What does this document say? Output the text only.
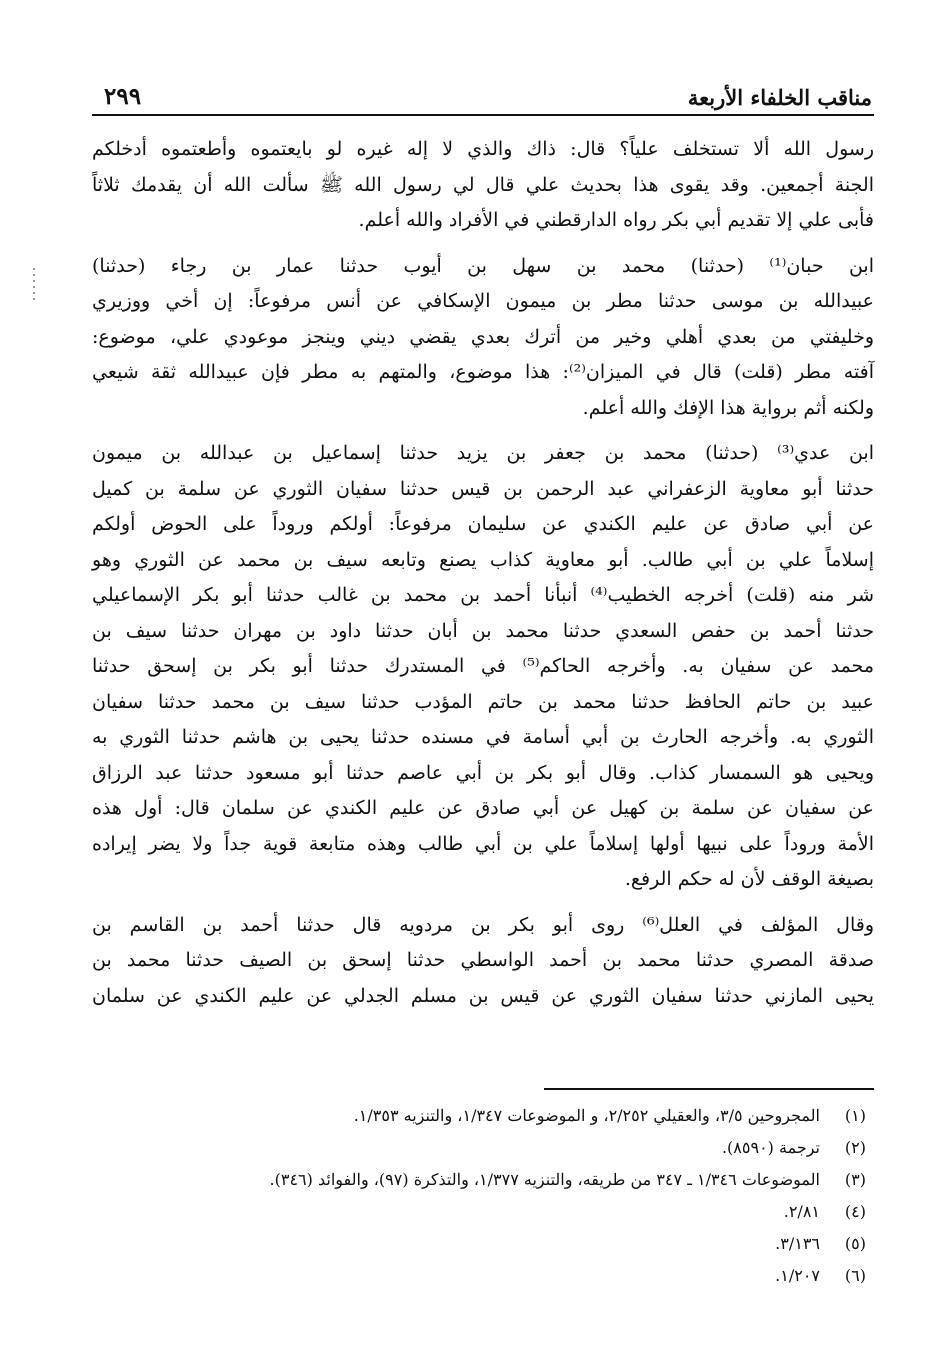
مناقب الخلفاء الأربعة
٢٩٩
رسول الله ألا تستخلف علياً؟ قال: ذاك والذي لا إله غيره لو بايعتموه وأطعتموه أدخلكم
الجنة أجمعين. وقد يقوى هذا بحديث علي قال لي رسول الله ﷺ سألت الله أن يقدمك ثلاثاً
فأبى علي إلا تقديم أبي بكر رواه الدارقطني في الأفراد والله أعلم.
ابن حبان⁽¹⁾ (حدثنا) محمد بن سهل بن أيوب حدثنا عمار بن رجاء (حدثنا)
عبيدالله بن موسى حدثنا مطر بن ميمون الإسكافي عن أنس مرفوعاً: إن أخي ووزيري
وخليفتي من بعدي أهلي وخير من أترك بعدي يقضي ديني وينجز موعودي علي، موضوع:
آفته مطر (قلت) قال في الميزان⁽²⁾: هذا موضوع، والمتهم به مطر فإن عبيدالله ثقة شيعي
ولكنه أثم برواية هذا الإفك والله أعلم.
ابن عدي⁽³⁾ (حدثنا) محمد بن جعفر بن يزيد حدثنا إسماعيل بن عبدالله بن ميمون
حدثنا أبو معاوية الزعفراني عبد الرحمن بن قيس حدثنا سفيان الثوري عن سلمة بن كميل
عن أبي صادق عن عليم الكندي عن سليمان مرفوعاً: أولكم وروداً على الحوض أولكم
إسلاماً علي بن أبي طالب. أبو معاوية كذاب يصنع وتابعه سيف بن محمد عن الثوري وهو
شر منه (قلت) أخرجه الخطيب⁽⁴⁾ أنبأنا أحمد بن محمد بن غالب حدثنا أبو بكر الإسماعيلي
حدثنا أحمد بن حفص السعدي حدثنا محمد بن أبان حدثنا داود بن مهران حدثنا سيف بن
محمد عن سفيان به. وأخرجه الحاكم⁽⁵⁾ في المستدرك حدثنا أبو بكر بن إسحق حدثنا
عبيد بن حاتم الحافظ حدثنا محمد بن حاتم المؤدب حدثنا سيف بن محمد حدثنا سفيان
الثوري به. وأخرجه الحارث بن أبي أسامة في مسنده حدثنا يحيى بن هاشم حدثنا الثوري به
ويحيى هو السمسار كذاب. وقال أبو بكر بن أبي عاصم حدثنا أبو مسعود حدثنا عبد الرزاق
عن سفيان عن سلمة بن كهيل عن أبي صادق عن عليم الكندي عن سلمان قال: أول هذه
الأمة وروداً على نبيها أولها إسلاماً علي بن أبي طالب وهذه متابعة قوية جداً ولا يضر إيراده
بصيغة الوقف لأن له حكم الرفع.
وقال المؤلف في العلل⁽⁶⁾ روى أبو بكر بن مردويه قال حدثنا أحمد بن القاسم بن
صدقة المصري حدثنا محمد بن أحمد الواسطي حدثنا إسحق بن الصيف حدثنا محمد بن
يحيى المازني حدثنا سفيان الثوري عن قيس بن مسلم الجدلي عن عليم الكندي عن سلمان
(١)
المجروحين ٣/٥، والعقيلي ٢/٢٥٢، و الموضوعات ١/٣٤٧، والتنزيه ١/٣٥٣.
(٢)
ترجمة (٨٥٩٠).
(٣)
الموضوعات ١/٣٤٦ ـ ٣٤٧ من طريقه، والتنزيه ١/٣٧٧، والتذكرة (٩٧)، والفوائد (٣٤٦).
(٤)
٢/٨١.
(٥)
٣/١٣٦.
(٦)
١/٢٠٧.
